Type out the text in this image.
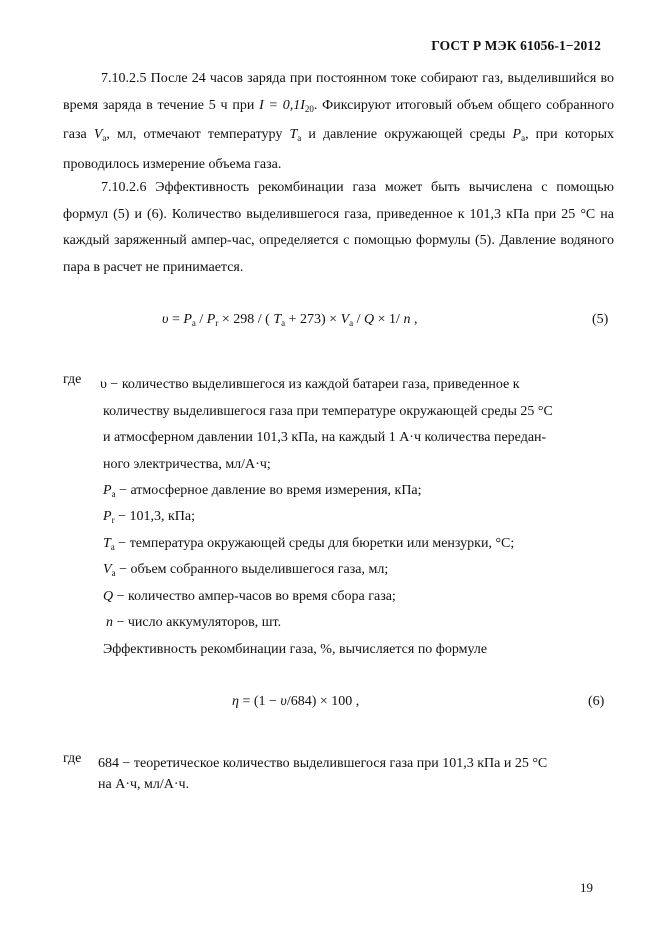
ГОСТ Р МЭК 61056-1−2012
7.10.2.5 После 24 часов заряда при постоянном токе собирают газ, выделившийся во время заряда в течение 5 ч при $I = 0,1I_{20}$. Фиксируют итоговый объем общего собранного газа $V_а$, мл, отмечают температуру $T_а$ и давление окружающей среды $P_а$, при которых проводилось измерение объема газа.
7.10.2.6 Эффективность рекомбинации газа может быть вычислена с помощью формул (5) и (6). Количество выделившегося газа, приведенное к 101,3 кПа при 25 °С на каждый заряженный ампер-час, определяется с помощью формулы (5). Давление водяного пара в расчет не принимается.
$\upsilon = P_а / P_r \times 298$ / ( $T_а + 273) \times V_а / Q \times 1/$ n ,	(5)
где υ − количество выделившегося из каждой батареи газа, приведенное к
количеству выделившегося газа при температуре окружающей среды 25 °С
и атмосферном давлении 101,3 кПа, на каждый 1 А·ч количества передан-
ного электричества, мл/А·ч;
$P_а$ − атмосферное давление во время измерения, кПа;
$P_r - 101,3$, кПа;
$T_а$ − температура окружающей среды для бюретки или мензурки, °С;
$V_а$ − объем собранного выделившегося газа, мл;
Q − количество ампер-часов во время сбора газа;
n − число аккумуляторов, шт.
Эффективность рекомбинации газа, %, вычисляется по формуле
η = (1 − υ/684) × 100 ,	(6)
где 684 − теоретическое количество выделившегося газа при 101,3 кПа и 25 °С
на А·ч, мл/А·ч.
19
